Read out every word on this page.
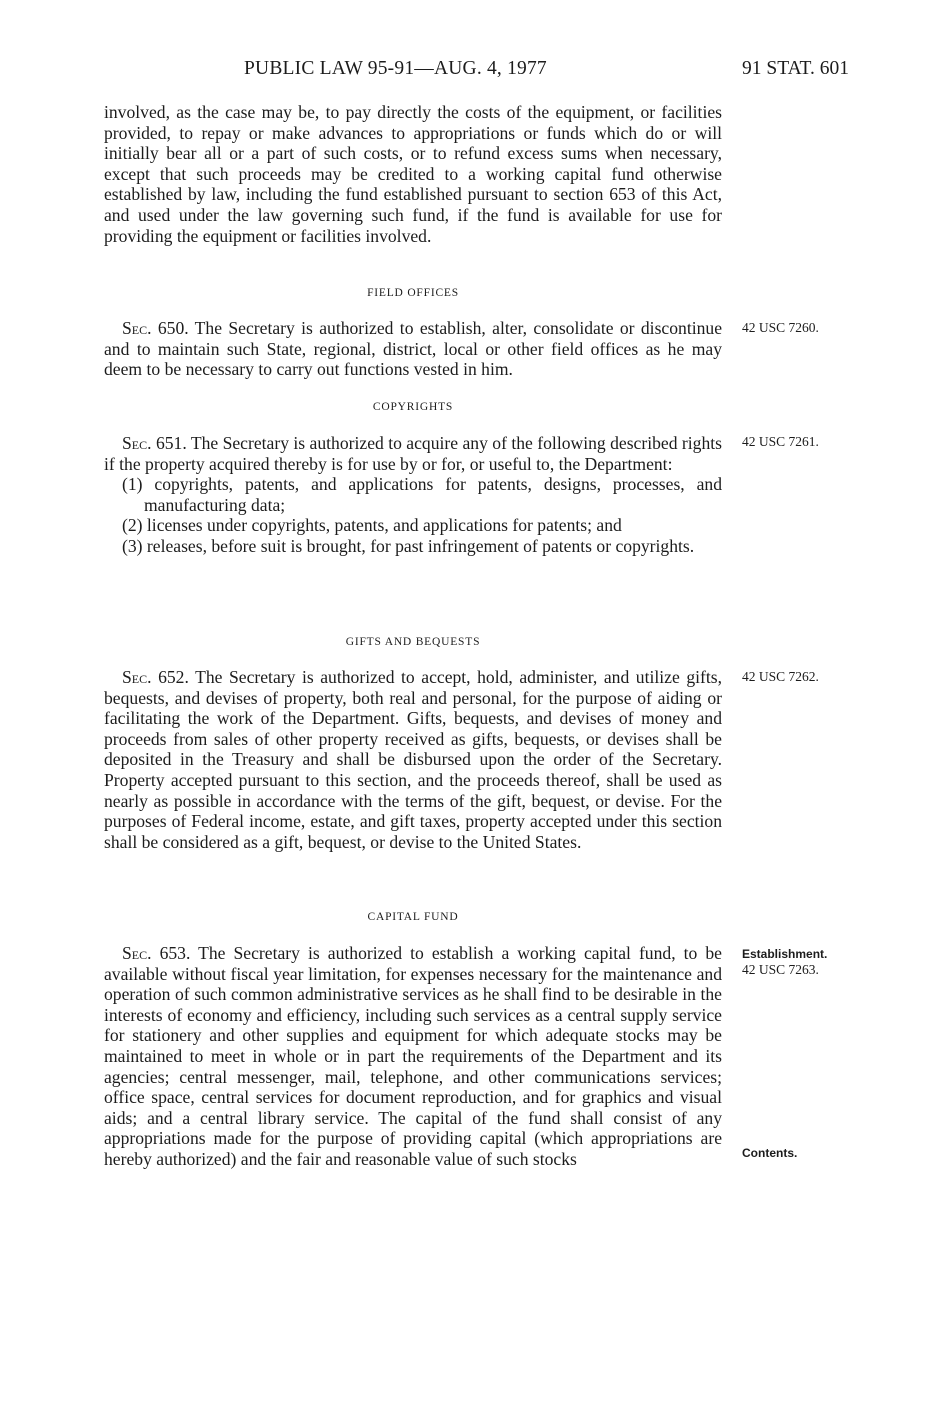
PUBLIC LAW 95-91—AUG. 4, 1977	91 STAT. 601

involved, as the case may be, to pay directly the costs of the equipment, or facilities provided, to repay or make advances to appropriations or funds which do or will initially bear all or a part of such costs, or to refund excess sums when necessary, except that such proceeds may be credited to a working capital fund otherwise established by law, including the fund established pursuant to section 653 of this Act, and used under the law governing such fund, if the fund is available for use for providing the equipment or facilities involved.

FIELD OFFICES

Sec. 650. The Secretary is authorized to establish, alter, consolidate or discontinue and to maintain such State, regional, district, local or other field offices as he may deem to be necessary to carry out functions vested in him.

42 USC 7260.
COPYRIGHTS

Sec. 651. The Secretary is authorized to acquire any of the following described rights if the property acquired thereby is for use by or for, or useful to, the Department:

(1) copyrights, patents, and applications for patents, designs, processes, and manufacturing data;

(2) licenses under copyrights, patents, and applications for patents; and

(3) releases, before suit is brought, for past infringement of patents or copyrights.

42 USC 7261.
GIFTS AND BEQUESTS

Sec. 652. The Secretary is authorized to accept, hold, administer, and utilize gifts, bequests, and devises of property, both real and personal, for the purpose of aiding or facilitating the work of the Department. Gifts, bequests, and devises of money and proceeds from sales of other property received as gifts, bequests, or devises shall be deposited in the Treasury and shall be disbursed upon the order of the Secretary. Property accepted pursuant to this section, and the proceeds thereof, shall be used as nearly as possible in accordance with the terms of the gift, bequest, or devise. For the purposes of Federal income, estate, and gift taxes, property accepted under this section shall be considered as a gift, bequest, or devise to the United States.

42 USC 7262.
CAPITAL FUND

Sec. 653. The Secretary is authorized to establish a working capital fund, to be available without fiscal year limitation, for expenses necessary for the maintenance and operation of such common administrative services as he shall find to be desirable in the interests of economy and efficiency, including such services as a central supply service for stationery and other supplies and equipment for which adequate stocks may be maintained to meet in whole or in part the requirements of the Department and its agencies; central messenger, mail, telephone, and other communications services; office space, central services for document reproduction, and for graphics and visual aids; and a central library service. The capital of the fund shall consist of any appropriations made for the purpose of providing capital (which appropriations are hereby authorized) and the fair and reasonable value of such stocks

Establishment.
42 USC 7263.
Contents.
